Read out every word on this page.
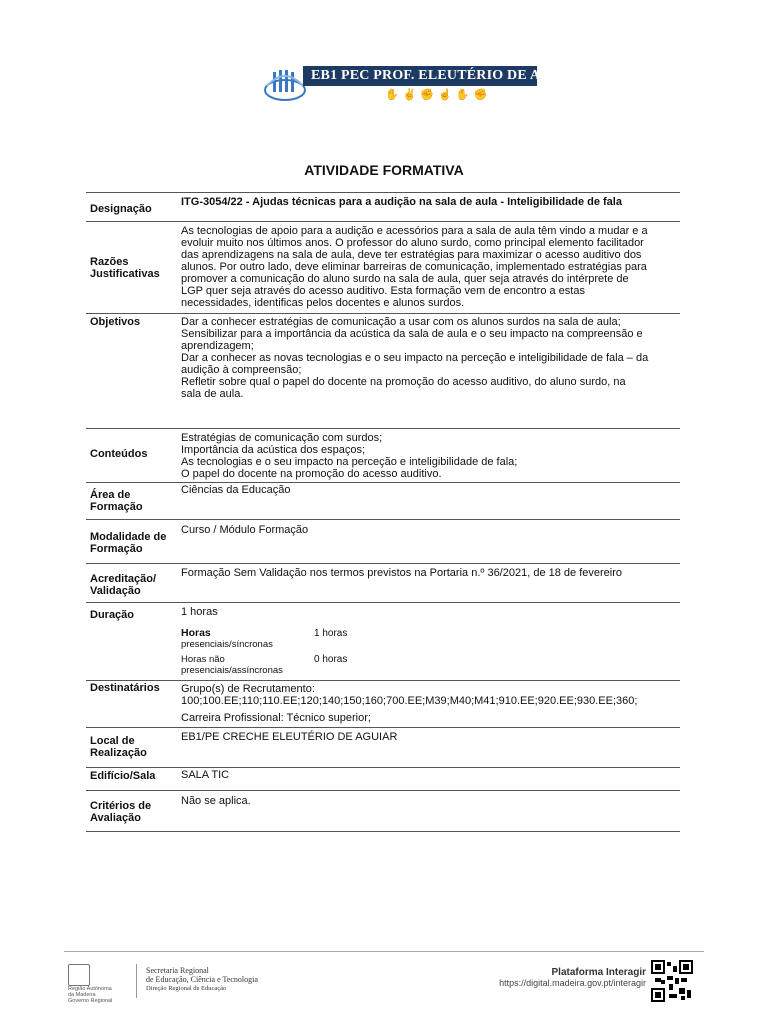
EB1 PEC PROF. ELEUTÉRIO DE AGUIAR
✋✌✊☝✋✊
ATIVIDADE FORMATIVA
Designação
ITG-3054/22 - Ajudas técnicas para a audição na sala de aula - Inteligibilidade de fala
Razões
Justificativas

As tecnologias de apoio para a audição e acessórios para a sala de aula têm vindo a mudar e a

evoluir muito nos últimos anos. O professor do aluno surdo, como principal elemento facilitador

das aprendizagens na sala de aula, deve ter estratégias para maximizar o acesso auditivo dos

alunos. Por outro lado, deve eliminar barreiras de comunicação, implementado estratégias para

promover a comunicação do aluno surdo na sala de aula, quer seja através do intérprete de

LGP quer seja através do acesso auditivo. Esta formação vem de encontro a estas

necessidades, identificas pelos docentes e alunos surdos.

Objetivos	Dar a conhecer estratégias de comunicação a usar com os alunos surdos na sala de aula;

Sensibilizar para a importância da acústica da sala de aula e o seu impacto na compreensão e

aprendizagem;

Dar a conhecer as novas tecnologias e o seu impacto na perceção e inteligibilidade de fala – da

audição à compreensão;

Refletir sobre qual o papel do docente na promoção do acesso auditivo, do aluno surdo, na

sala de aula.

Conteúdos

Estratégias de comunicação com surdos;

Importância da acústica dos espaços;

As tecnologias e o seu impacto na perceção e inteligibilidade de fala;

O papel do docente na promoção do acesso auditivo.

Área de
Formação
Ciências da Educação
Modalidade de
Formação
Curso / Módulo Formação
Acreditação/
Validação
Formação Sem Validação nos termos previstos na Portaria n.º 36/2021, de 18 de fevereiro
Duração	1 horas
Horas
presenciais/síncronas
1 horas
Horas não
presenciais/assíncronas
0 horas
Destinatários Grupo(s) de Recrutamento:

100;100.EE;110;110.EE;120;140;150;160;700.EE;M39;M40;M41;910.EE;920.EE;930.EE;360;

Carreira Profissional: Técnico superior;

Local de
Realização
EB1/PE CRECHE ELEUTÉRIO DE AGUIAR
Edifício/Sala SALA TIC
Critérios de
Avaliação
Não se aplica.
Região Autónoma
da Madeira
Governo Regional
Secretaria Regional
de Educação, Ciência e Tecnologia
Direção Regional de Educação
Plataforma Interagir
https://digital.madeira.gov.pt/interagir
